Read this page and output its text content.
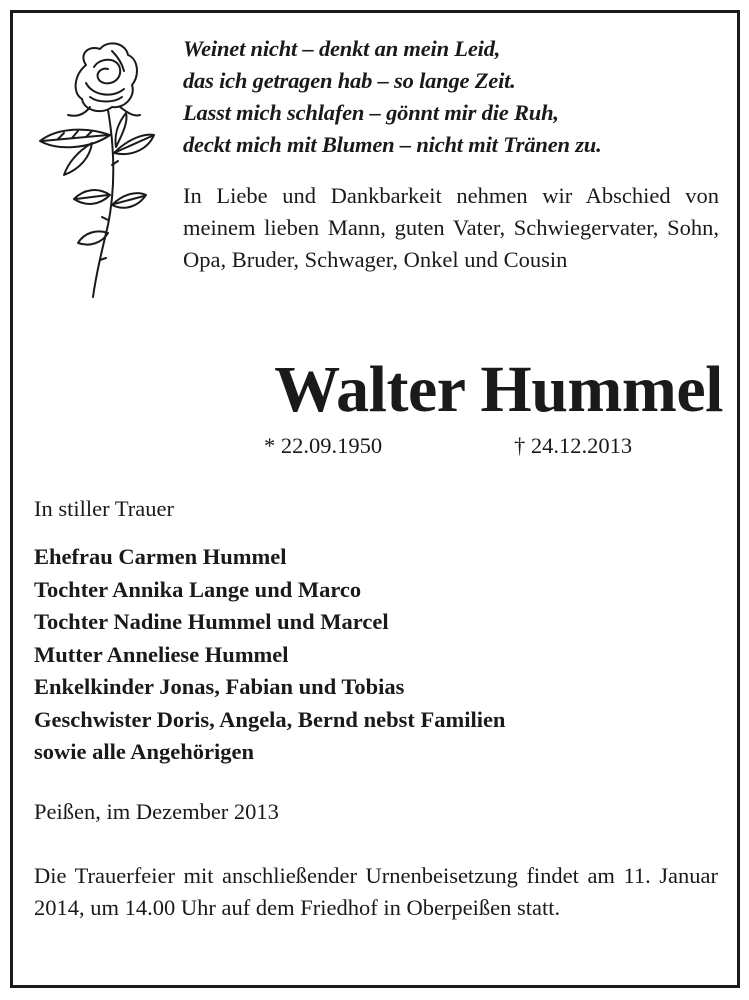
Weinet nicht – denkt an mein Leid,
das ich getragen hab – so lange Zeit.
Lasst mich schlafen – gönnt mir die Ruh,
deckt mich mit Blumen – nicht mit Tränen zu.
In Liebe und Dankbarkeit nehmen wir Abschied von meinem lieben Mann, guten Vater, Schwiegervater, Sohn, Opa, Bruder, Schwager, Onkel und Cousin
Walter Hummel
* 22.09.1950	† 24.12.2013
In stiller Trauer
Ehefrau Carmen Hummel
Tochter Annika Lange und Marco
Tochter Nadine Hummel und Marcel
Mutter Anneliese Hummel
Enkelkinder Jonas, Fabian und Tobias
Geschwister Doris, Angela, Bernd nebst Familien
sowie alle Angehörigen
Peißen, im Dezember 2013
Die Trauerfeier mit anschließender Urnenbeisetzung findet am 11. Januar 2014, um 14.00 Uhr auf dem Friedhof in Oberpeißen statt.
